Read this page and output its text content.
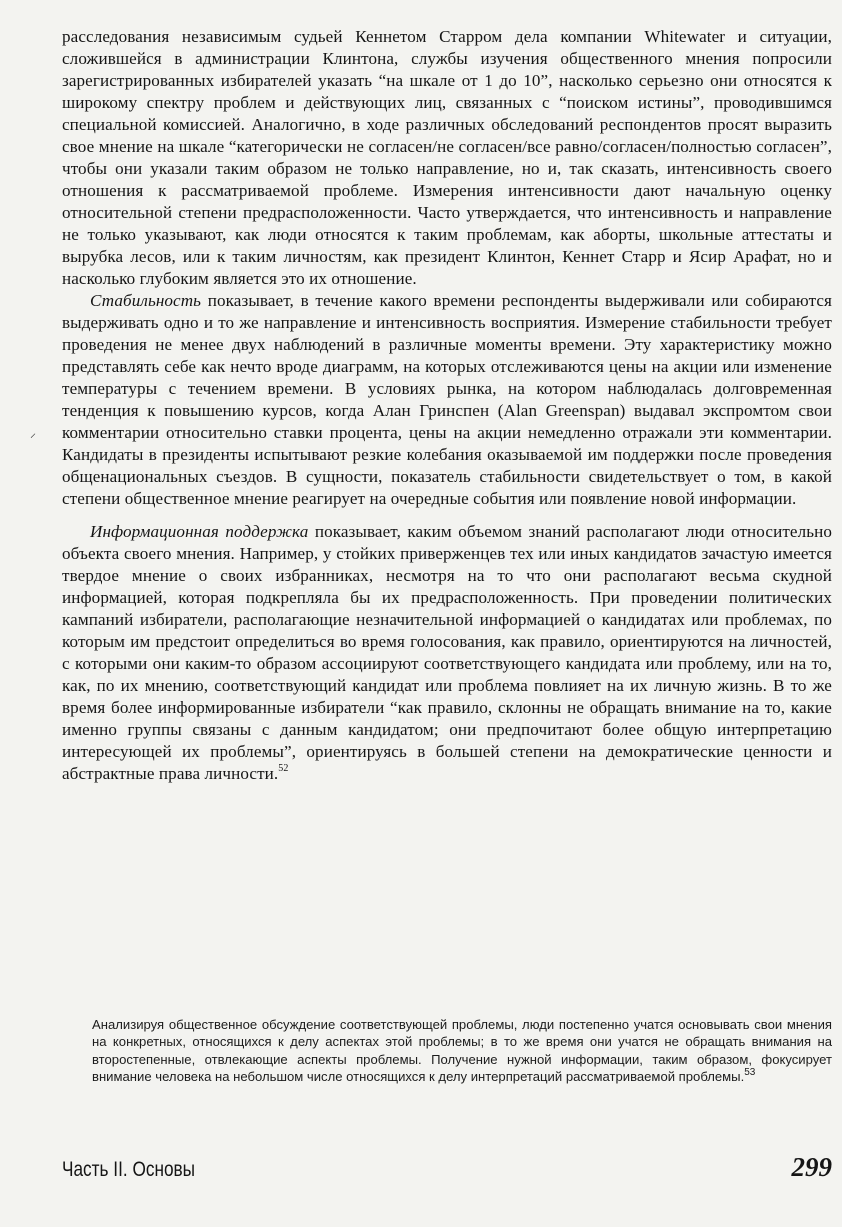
расследования независимым судьей Кеннетом Старром дела компании Whitewater и ситуации, сложившейся в администрации Клинтона, службы изучения общественного мнения попросили зарегистрированных избирателей указать “на шкале от 1 до 10”, насколько серьезно они относятся к широкому спектру проблем и действующих лиц, связанных с “поиском истины”, проводившимся специальной комиссией. Аналогично, в ходе различных обследований респондентов просят выразить свое мнение на шкале “категорически не согласен/не согласен/все равно/согласен/полностью согласен”, чтобы они указали таким образом не только направление, но и, так сказать, интенсивность своего отношения к рассматриваемой проблеме. Измерения интенсивности дают начальную оценку относительной степени предрасположенности. Часто утверждается, что интенсивность и направление не только указывают, как люди относятся к таким проблемам, как аборты, школьные аттестаты и вырубка лесов, или к таким личностям, как президент Клинтон, Кеннет Старр и Ясир Арафат, но и насколько глубоким является это их отношение.

Стабильность показывает, в течение какого времени респонденты выдерживали или собираются выдерживать одно и то же направление и интенсивность восприятия. Измерение стабильности требует проведения не менее двух наблюдений в различные моменты времени. Эту характеристику можно представлять себе как нечто вроде диаграмм, на которых отслеживаются цены на акции или изменение температуры с течением времени. В условиях рынка, на котором наблюдалась долговременная тенденция к повышению курсов, когда Алан Гринспен (Alan Greenspan) выдавал экспромтом свои комментарии относительно ставки процента, цены на акции немедленно отражали эти комментарии. Кандидаты в президенты испытывают резкие колебания оказываемой им поддержки после проведения общенациональных съездов. В сущности, показатель стабильности свидетельствует о том, в какой степени общественное мнение реагирует на очередные события или появление новой информации.

Информационная поддержка показывает, каким объемом знаний располагают люди относительно объекта своего мнения. Например, у стойких приверженцев тех или иных кандидатов зачастую имеется твердое мнение о своих избранниках, несмотря на то что они располагают весьма скудной информацией, которая подкрепляла бы их предрасположенность. При проведении политических кампаний избиратели, располагающие незначительной информацией о кандидатах или проблемах, по которым им предстоит определиться во время голосования, как правило, ориентируются на личностей, с которыми они каким-то образом ассоциируют соответствующего кандидата или проблему, или на то, как, по их мнению, соответствующий кандидат или проблема повлияет на их личную жизнь. В то же время более информированные избиратели “как правило, склонны не обращать внимание на то, какие именно группы связаны с данным кандидатом; они предпочитают более общую интерпретацию интересующей их проблемы”, ориентируясь в большей степени на демократические ценности и абстрактные права личности.$^{52}$

⸝
Анализируя общественное обсуждение соответствующей проблемы, люди постепенно учатся основывать свои мнения на конкретных, относящихся к делу аспектах этой проблемы; в то же время они учатся не обращать внимания на второстепенные, отвлекающие аспекты проблемы. Получение нужной информации, таким образом, фокусирует внимание человека на небольшом числе относящихся к делу интерпретаций рассматриваемой проблемы.$^{53}$
Часть II. Основы	299
